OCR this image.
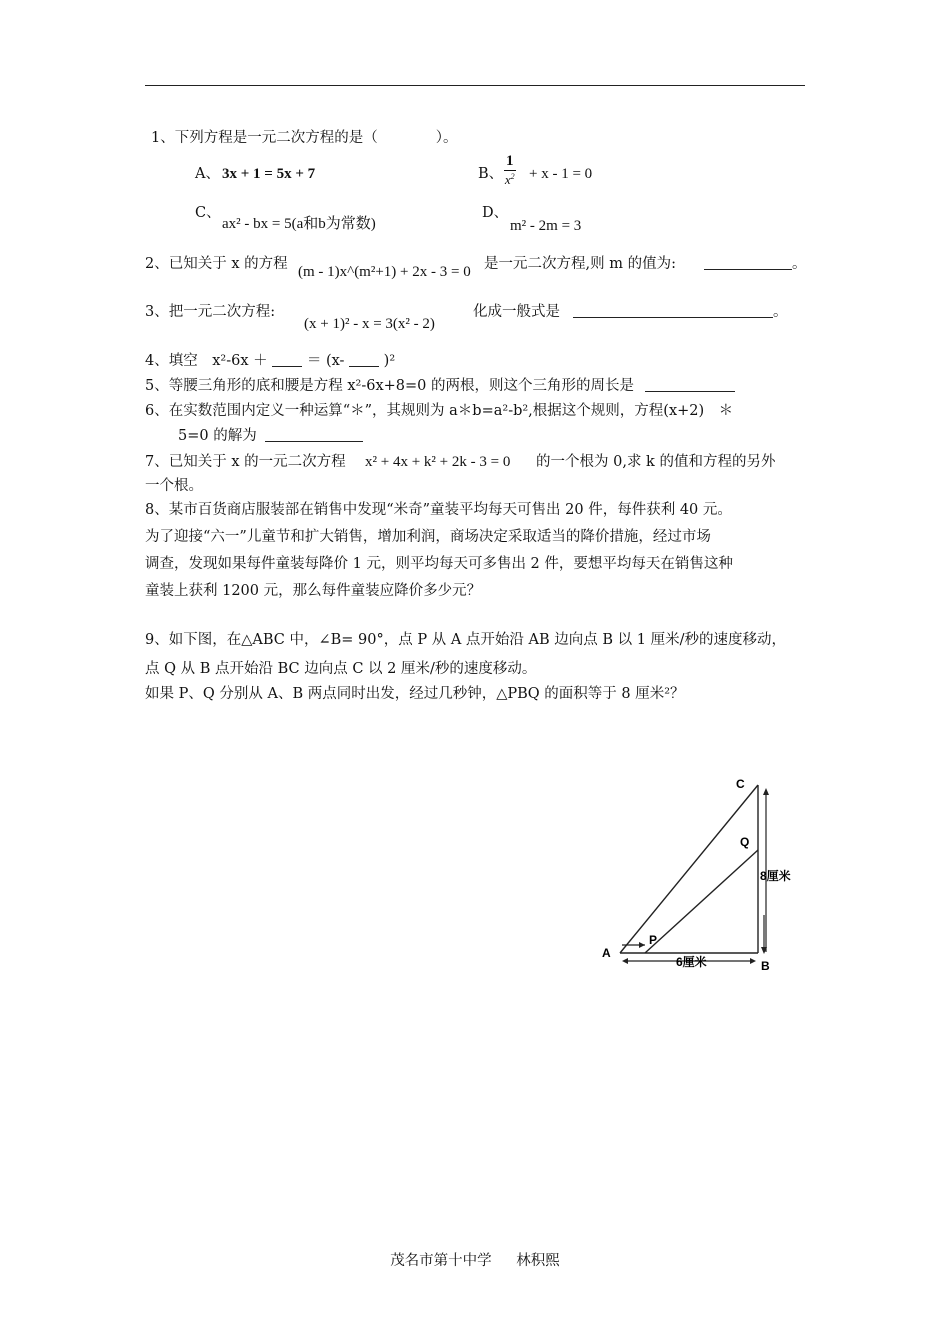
1、下列方程是一元二次方程的是（　　　　）。
A、 3x + 1 = 5x + 7	B、 $\frac{1}{x^2} + x - 1 = 0$
C、
ax² - bx = 5(a和b为常数)
D、
m² - 2m = 3
2、已知关于 x 的方程 (m - 1)x^(m²+1) + 2x - 3 = 0 是一元二次方程,则 m 的值为:	。
3、把一元二次方程:
(x + 1)² - x = 3(x² - 2)
化成一般式是	。
4、填空　x²-6x ＋	＝ (x-	)²
5、等腰三角形的底和腰是方程 x²-6x+8=0 的两根，则这个三角形的周长是
6、在实数范围内定义一种运算“＊”，其规则为 a＊b=a²-b²,根据这个规则，方程(x+2)　＊
5=0 的解为
7、已知关于 x 的一元二次方程 x² + 4x + k² + 2k - 3 = 0 的一个根为 0,求 k 的值和方程的另外
一个根。
8、某市百货商店服装部在销售中发现“米奇”童装平均每天可售出 20 件，每件获利 40 元。
为了迎接“六一”儿童节和扩大销售，增加利润，商场决定采取适当的降价措施，经过市场
调查，发现如果每件童装每降价 1 元，则平均每天可多售出 2 件，要想平均每天在销售这种
童装上获利 1200 元，那么每件童装应降价多少元？
9、如下图，在△ABC 中，∠B= 90°，点 P 从 A 点开始沿 AB 边向点 B 以 1 厘米/秒的速度移动，
点 Q 从 B 点开始沿 BC 边向点 C 以 2 厘米/秒的速度移动。
如果 P、Q 分别从 A、B 两点同时出发，经过几秒钟，△PBQ 的面积等于 8 厘米²？
A
B
C
P
Q
6厘米
8厘米
茂名市第十中学 林积熙
